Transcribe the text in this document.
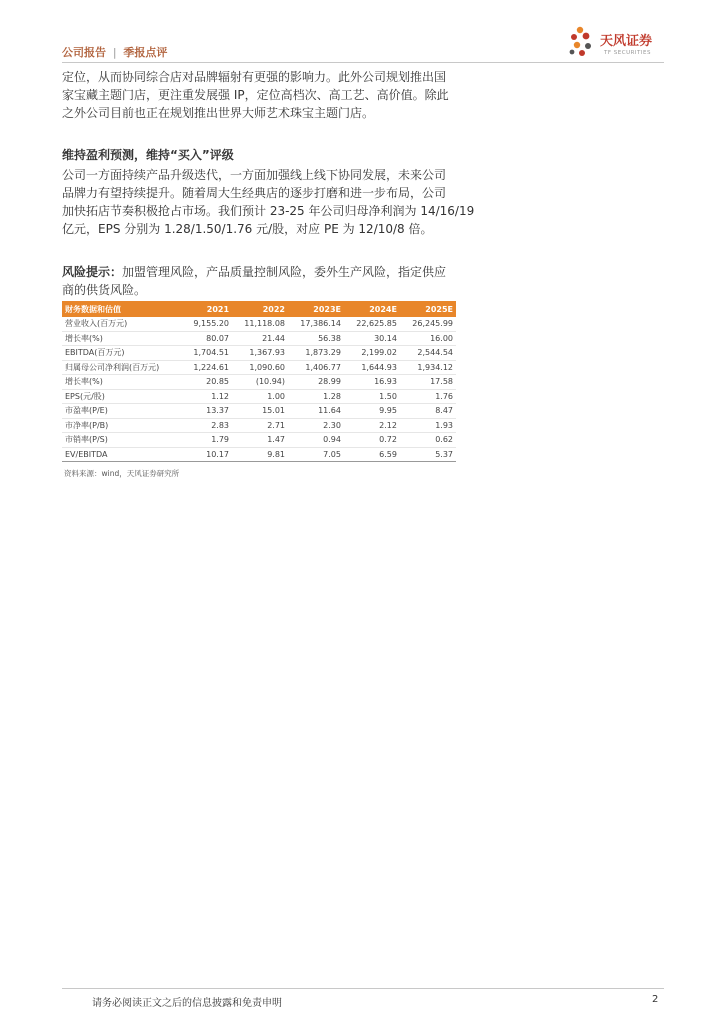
公司报告 | 季报点评
天风证券
TF SECURITIES

定位，从而协同综合店对品牌辐射有更强的影响力。此外公司规划推出国

家宝藏主题门店，更注重发展强 IP，定位高档次、高工艺、高价值。除此

之外公司目前也正在规划推出世界大师艺术珠宝主题门店。

维持盈利预测，维持“买入”评级

公司一方面持续产品升级迭代，一方面加强线上线下协同发展，未来公司

品牌力有望持续提升。随着周大生经典店的逐步打磨和进一步布局，公司

加快拓店节奏积极抢占市场。我们预计 23-25 年公司归母净利润为 14/16/19

亿元，EPS 分别为 1.28/1.50/1.76 元/股，对应 PE 为 12/10/8 倍。

风险提示：加盟管理风险，产品质量控制风险，委外生产风险，指定供应

商的供货风险。

财务数据和估值	2021	2022	2023E	2024E	2025E
营业收入(百万元)	9,155.20	11,118.08	17,386.14	22,625.85	26,245.99
增长率(%)	80.07	21.44	56.38	30.14	16.00
EBITDA(百万元)	1,704.51	1,367.93	1,873.29	2,199.02	2,544.54
归属母公司净利润(百万元)	1,224.61	1,090.60	1,406.77	1,644.93	1,934.12
增长率(%)	20.85	(10.94)	28.99	16.93	17.58
EPS(元/股)	1.12	1.00	1.28	1.50	1.76
市盈率(P/E)	13.37	15.01	11.64	9.95	8.47
市净率(P/B)	2.83	2.71	2.30	2.12	1.93
市销率(P/S)	1.79	1.47	0.94	0.72	0.62
EV/EBITDA	10.17	9.81	7.05	6.59	5.37
资料来源：wind，天风证券研究所
请务必阅读正文之后的信息披露和免责申明	2
